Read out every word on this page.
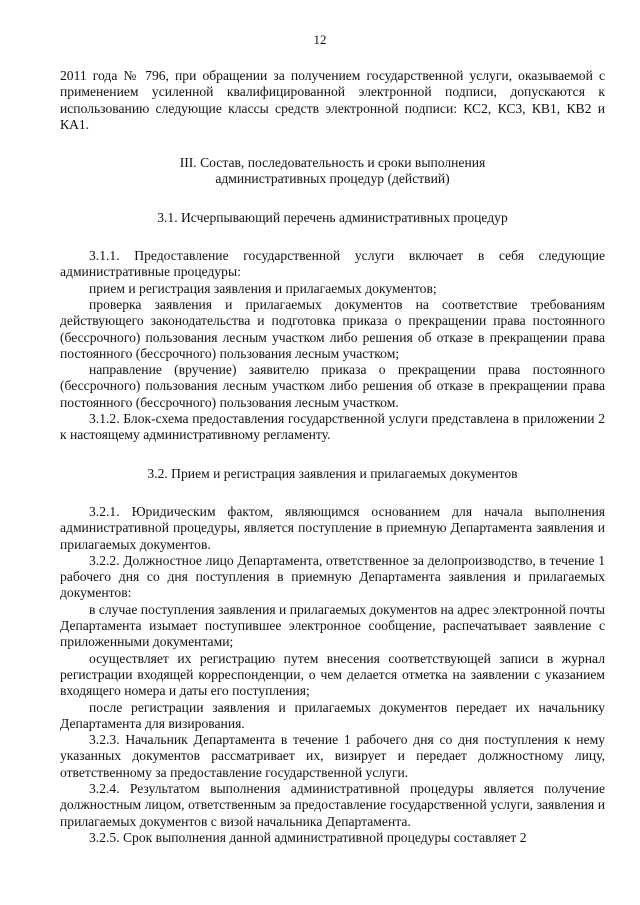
12

2011 года № 796, при обращении за получением государственной услуги, оказываемой с применением усиленной квалифицированной электронной подписи, допускаются к использованию следующие классы средств электронной подписи: КС2, КС3, КВ1, КВ2 и КА1.

III. Состав, последовательность и сроки выполнения

административных процедур (действий)

3.1. Исчерпывающий перечень административных процедур

3.1.1. Предоставление государственной услуги включает в себя следующие административные процедуры:

прием и регистрация заявления и прилагаемых документов;

проверка заявления и прилагаемых документов на соответствие требованиям действующего законодательства и подготовка приказа о прекращении права постоянного (бессрочного) пользования лесным участком либо решения об отказе в прекращении права постоянного (бессрочного) пользования лесным участком;

направление (вручение) заявителю приказа о прекращении права постоянного (бессрочного) пользования лесным участком либо решения об отказе в прекращении права постоянного (бессрочного) пользования лесным участком.

3.1.2. Блок-схема предоставления государственной услуги представлена в приложении 2 к настоящему административному регламенту.

3.2. Прием и регистрация заявления и прилагаемых документов

3.2.1. Юридическим фактом, являющимся основанием для начала выполнения административной процедуры, является поступление в приемную Департамента заявления и прилагаемых документов.

3.2.2. Должностное лицо Департамента, ответственное за делопроизводство, в течение 1 рабочего дня со дня поступления в приемную Департамента заявления и прилагаемых документов:

в случае поступления заявления и прилагаемых документов на адрес электронной почты Департамента изымает поступившее электронное сообщение, распечатывает заявление с приложенными документами;

осуществляет их регистрацию путем внесения соответствующей записи в журнал регистрации входящей корреспонденции, о чем делается отметка на заявлении с указанием входящего номера и даты его поступления;

после регистрации заявления и прилагаемых документов передает их начальнику Департамента для визирования.

3.2.3. Начальник Департамента в течение 1 рабочего дня со дня поступления к нему указанных документов рассматривает их, визирует и передает должностному лицу, ответственному за предоставление государственной услуги.

3.2.4. Результатом выполнения административной процедуры является получение должностным лицом, ответственным за предоставление государственной услуги, заявления и прилагаемых документов с визой начальника Департамента.

3.2.5. Срок выполнения данной административной процедуры составляет 2
